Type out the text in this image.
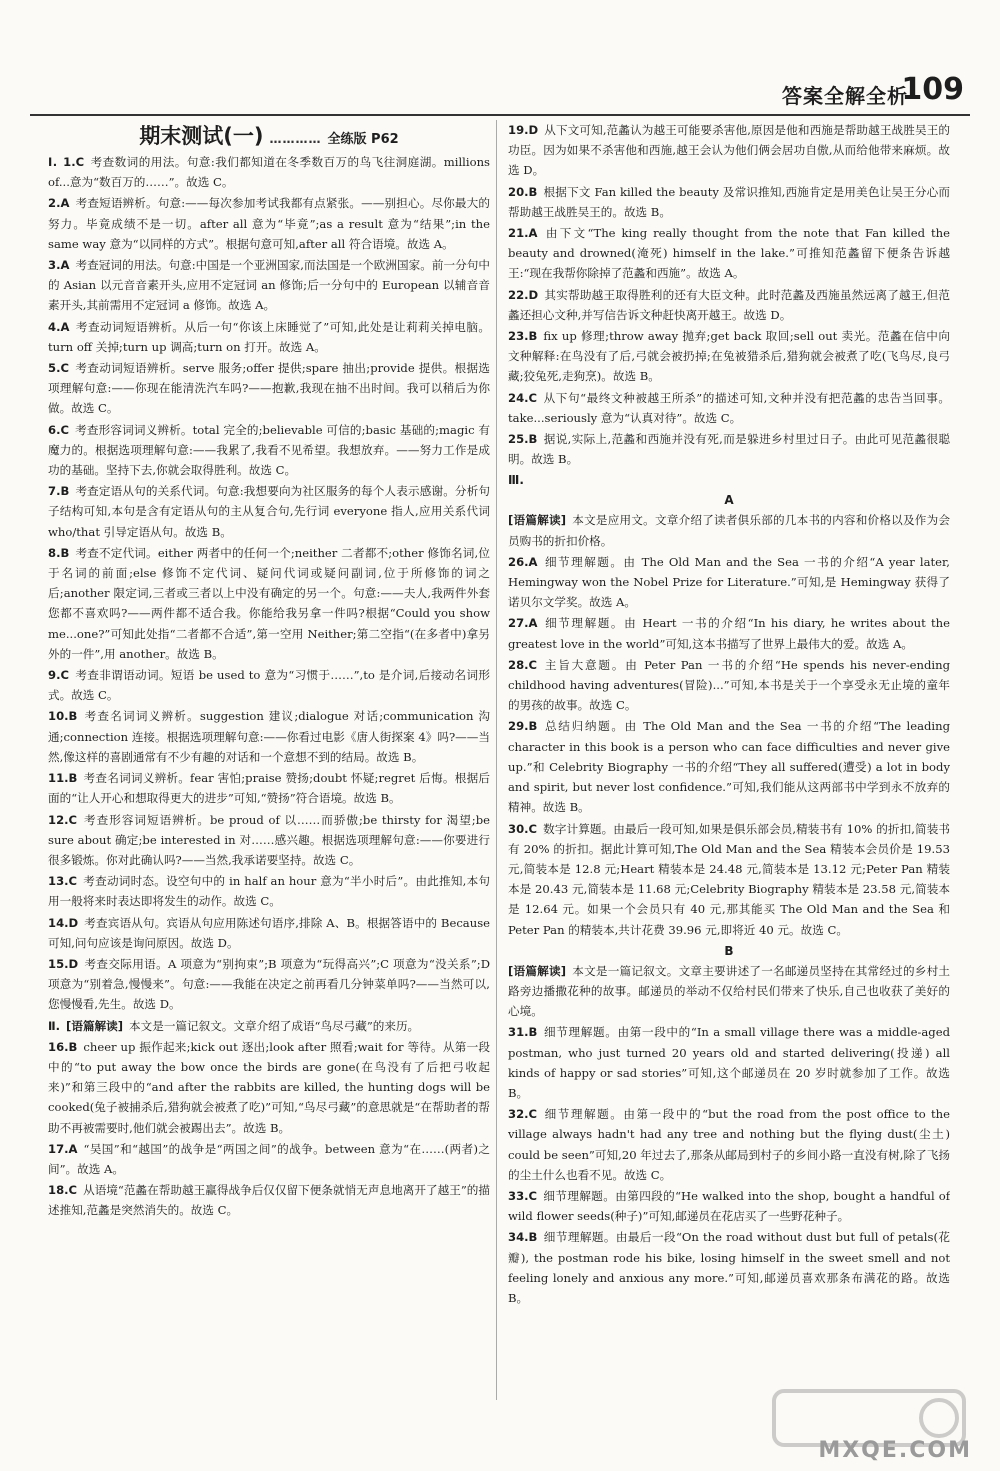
答案全解全析
109
期末测试(一) ………… 全练版 P62
Ⅰ. 1.C 考查数词的用法。句意:我们都知道在冬季数百万的鸟飞往洞庭湖。millions of...意为“数百万的……”。故选 C。
2.A 考查短语辨析。句意:——每次参加考试我都有点紧张。——别担心。尽你最大的努力。毕竟成绩不是一切。after all 意为“毕竟”;as a result 意为“结果”;in the same way 意为“以同样的方式”。根据句意可知,after all 符合语境。故选 A。
3.A 考查冠词的用法。句意:中国是一个亚洲国家,而法国是一个欧洲国家。前一分句中的 Asian 以元音音素开头,应用不定冠词 an 修饰;后一分句中的 European 以辅音音素开头,其前需用不定冠词 a 修饰。故选 A。
4.A 考查动词短语辨析。从后一句“你该上床睡觉了”可知,此处是让莉莉关掉电脑。turn off 关掉;turn up 调高;turn on 打开。故选 A。
5.C 考查动词短语辨析。serve 服务;offer 提供;spare 抽出;provide 提供。根据选项理解句意:——你现在能清洗汽车吗?——抱歉,我现在抽不出时间。我可以稍后为你做。故选 C。
6.C 考查形容词词义辨析。total 完全的;believable 可信的;basic 基础的;magic 有魔力的。根据选项理解句意:——我累了,我看不见希望。我想放弃。——努力工作是成功的基础。坚持下去,你就会取得胜利。故选 C。
7.B 考查定语从句的关系代词。句意:我想要向为社区服务的每个人表示感谢。分析句子结构可知,本句是含有定语从句的主从复合句,先行词 everyone 指人,应用关系代词 who/that 引导定语从句。故选 B。
8.B 考查不定代词。either 两者中的任何一个;neither 二者都不;other 修饰名词,位于名词的前面;else 修饰不定代词、疑问代词或疑问副词,位于所修饰的词之后;another 限定词,三者或三者以上中没有确定的另一个。句意:——夫人,我两件外套您都不喜欢吗?——两件都不适合我。你能给我另拿一件吗?根据“Could you show me...one?”可知此处指“二者都不合适”,第一空用 Neither;第二空指“(在多者中)拿另外的一件”,用 another。故选 B。
9.C 考查非谓语动词。短语 be used to 意为“习惯于……”,to 是介词,后接动名词形式。故选 C。
10.B 考查名词词义辨析。suggestion 建议;dialogue 对话;communication 沟通;connection 连接。根据选项理解句意:——你看过电影《唐人街探案 4》吗?——当然,像这样的喜剧通常有不少有趣的对话和一个意想不到的结局。故选 B。
11.B 考查名词词义辨析。fear 害怕;praise 赞扬;doubt 怀疑;regret 后悔。根据后面的“让人开心和想取得更大的进步”可知,“赞扬”符合语境。故选 B。
12.C 考查形容词短语辨析。be proud of 以……而骄傲;be thirsty for 渴望;be sure about 确定;be interested in 对……感兴趣。根据选项理解句意:——你要进行很多锻炼。你对此确认吗?——当然,我承诺要坚持。故选 C。
13.C 考查动词时态。设空句中的 in half an hour 意为“半小时后”。由此推知,本句用一般将来时表达即将发生的动作。故选 C。
14.D 考查宾语从句。宾语从句应用陈述句语序,排除 A、B。根据答语中的 Because 可知,问句应该是询问原因。故选 D。
15.D 考查交际用语。A 项意为“别拘束”;B 项意为“玩得高兴”;C 项意为“没关系”;D 项意为“别着急,慢慢来”。句意:——我能在决定之前再看几分钟菜单吗?——当然可以,您慢慢看,先生。故选 D。
Ⅱ. [语篇解读] 本文是一篇记叙文。文章介绍了成语“鸟尽弓藏”的来历。
16.B cheer up 振作起来;kick out 逐出;look after 照看;wait for 等待。从第一段中的“to put away the bow once the birds are gone(在鸟没有了后把弓收起来)”和第三段中的“and after the rabbits are killed, the hunting dogs will be cooked(兔子被捕杀后,猎狗就会被煮了吃)”可知,“鸟尽弓藏”的意思就是“在帮助者的帮助不再被需要时,他们就会被踢出去”。故选 B。
17.A “吴国”和“越国”的战争是“两国之间”的战争。between 意为“在……(两者)之间”。故选 A。
18.C 从语境“范蠡在帮助越王赢得战争后仅仅留下便条就悄无声息地离开了越王”的描述推知,范蠡是突然消失的。故选 C。
19.D 从下文可知,范蠡认为越王可能要杀害他,原因是他和西施是帮助越王战胜吴王的功臣。因为如果不杀害他和西施,越王会认为他们俩会居功自傲,从而给他带来麻烦。故选 D。
20.B 根据下文 Fan killed the beauty 及常识推知,西施肯定是用美色让吴王分心而帮助越王战胜吴王的。故选 B。
21.A 由下文“The king really thought from the note that Fan killed the beauty and drowned(淹死) himself in the lake.”可推知范蠡留下便条告诉越王:“现在我帮你除掉了范蠡和西施”。故选 A。
22.D 其实帮助越王取得胜利的还有大臣文种。此时范蠡及西施虽然远离了越王,但范蠡还担心文种,并写信告诉文种赶快离开越王。故选 D。
23.B fix up 修理;throw away 抛弃;get back 取回;sell out 卖光。范蠡在信中向文种解释:在鸟没有了后,弓就会被扔掉;在兔被猎杀后,猎狗就会被煮了吃(飞鸟尽,良弓藏;狡兔死,走狗烹)。故选 B。
24.C 从下句“最终文种被越王所杀”的描述可知,文种并没有把范蠡的忠告当回事。take...seriously 意为“认真对待”。故选 C。
25.B 据说,实际上,范蠡和西施并没有死,而是躲进乡村里过日子。由此可见范蠡很聪明。故选 B。
Ⅲ.
A
[语篇解读] 本文是应用文。文章介绍了读者俱乐部的几本书的内容和价格以及作为会员购书的折扣价格。
26.A 细节理解题。由 The Old Man and the Sea 一书的介绍“A year later, Hemingway won the Nobel Prize for Literature.”可知,是 Hemingway 获得了诺贝尔文学奖。故选 A。
27.A 细节理解题。由 Heart 一书的介绍“In his diary, he writes about the greatest love in the world”可知,这本书描写了世界上最伟大的爱。故选 A。
28.C 主旨大意题。由 Peter Pan 一书的介绍“He spends his never-ending childhood having adventures(冒险)...”可知,本书是关于一个享受永无止境的童年的男孩的故事。故选 C。
29.B 总结归纳题。由 The Old Man and the Sea 一书的介绍“The leading character in this book is a person who can face difficulties and never give up.”和 Celebrity Biography 一书的介绍“They all suffered(遭受) a lot in body and spirit, but never lost confidence.”可知,我们能从这两部书中学到永不放弃的精神。故选 B。
30.C 数字计算题。由最后一段可知,如果是俱乐部会员,精装书有 10% 的折扣,简装书有 20% 的折扣。据此计算可知,The Old Man and the Sea 精装本会员价是 19.53 元,简装本是 12.8 元;Heart 精装本是 24.48 元,简装本是 13.12 元;Peter Pan 精装本是 20.43 元,简装本是 11.68 元;Celebrity Biography 精装本是 23.58 元,简装本是 12.64 元。如果一个会员只有 40 元,那其能买 The Old Man and the Sea 和 Peter Pan 的精装本,共计花费 39.96 元,即将近 40 元。故选 C。
B
[语篇解读] 本文是一篇记叙文。文章主要讲述了一名邮递员坚持在其常经过的乡村土路旁边播撒花种的故事。邮递员的举动不仅给村民们带来了快乐,自己也收获了美好的心境。
31.B 细节理解题。由第一段中的“In a small village there was a middle-aged postman, who just turned 20 years old and started delivering(投递) all kinds of happy or sad stories”可知,这个邮递员在 20 岁时就参加了工作。故选 B。
32.C 细节理解题。由第一段中的“but the road from the post office to the village always hadn't had any tree and nothing but the flying dust(尘土) could be seen”可知,20 年过去了,那条从邮局到村子的乡间小路一直没有树,除了飞扬的尘土什么也看不见。故选 C。
33.C 细节理解题。由第四段的“He walked into the shop, bought a handful of wild flower seeds(种子)”可知,邮递员在花店买了一些野花种子。
34.B 细节理解题。由最后一段“On the road without dust but full of petals(花瓣), the postman rode his bike, losing himself in the sweet smell and not feeling lonely and anxious any more.”可知,邮递员喜欢那条布满花的路。故选 B。
MXQE.COM
